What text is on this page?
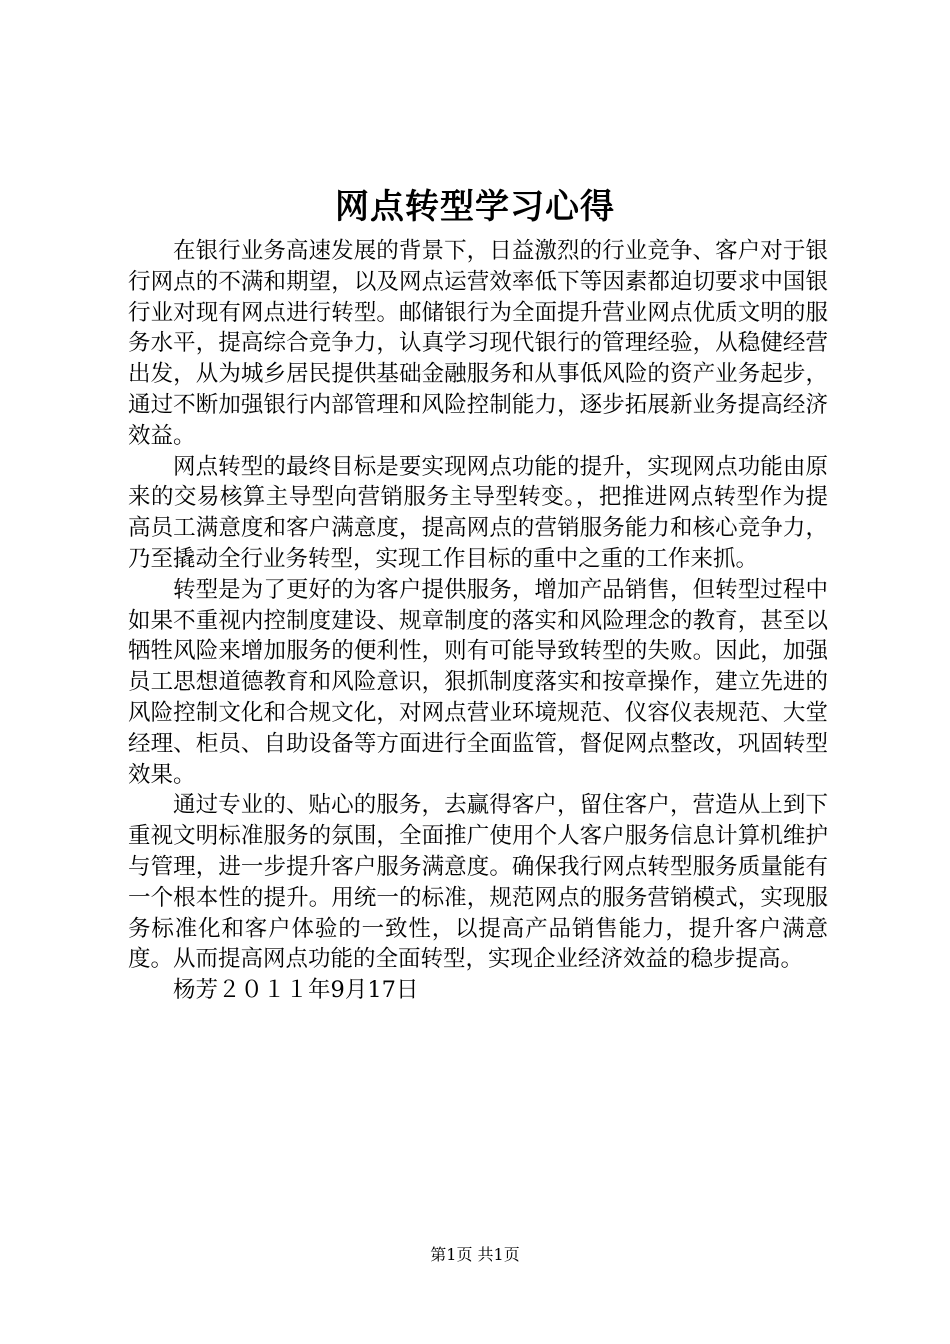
网点转型学习心得

在银行业务高速发展的背景下，日益激烈的行业竞争、客户对于银行网点的不满和期望，以及网点运营效率低下等因素都迫切要求中国银行业对现有网点进行转型。邮储银行为全面提升营业网点优质文明的服务水平，提高综合竞争力，认真学习现代银行的管理经验，从稳健经营出发，从为城乡居民提供基础金融服务和从事低风险的资产业务起步，通过不断加强银行内部管理和风险控制能力，逐步拓展新业务提高经济效益。

网点转型的最终目标是要实现网点功能的提升，实现网点功能由原来的交易核算主导型向营销服务主导型转变。，把推进网点转型作为提高员工满意度和客户满意度，提高网点的营销服务能力和核心竞争力，乃至撬动全行业务转型，实现工作目标的重中之重的工作来抓。

转型是为了更好的为客户提供服务，增加产品销售，但转型过程中如果不重视内控制度建设、规章制度的落实和风险理念的教育，甚至以牺牲风险来增加服务的便利性，则有可能导致转型的失败。因此，加强员工思想道德教育和风险意识，狠抓制度落实和按章操作，建立先进的风险控制文化和合规文化，对网点营业环境规范、仪容仪表规范、大堂经理、柜员、自助设备等方面进行全面监管，督促网点整改，巩固转型效果。

通过专业的、贴心的服务，去赢得客户，留住客户，营造从上到下重视文明标准服务的氛围，全面推广使用个人客户服务信息计算机维护与管理，进一步提升客户服务满意度。确保我行网点转型服务质量能有一个根本性的提升。用统一的标准，规范网点的服务营销模式，实现服务标准化和客户体验的一致性，以提高产品销售能力，提升客户满意度。从而提高网点功能的全面转型，实现企业经济效益的稳步提高。

杨芳２０１１年9月17日

第1页 共1页
